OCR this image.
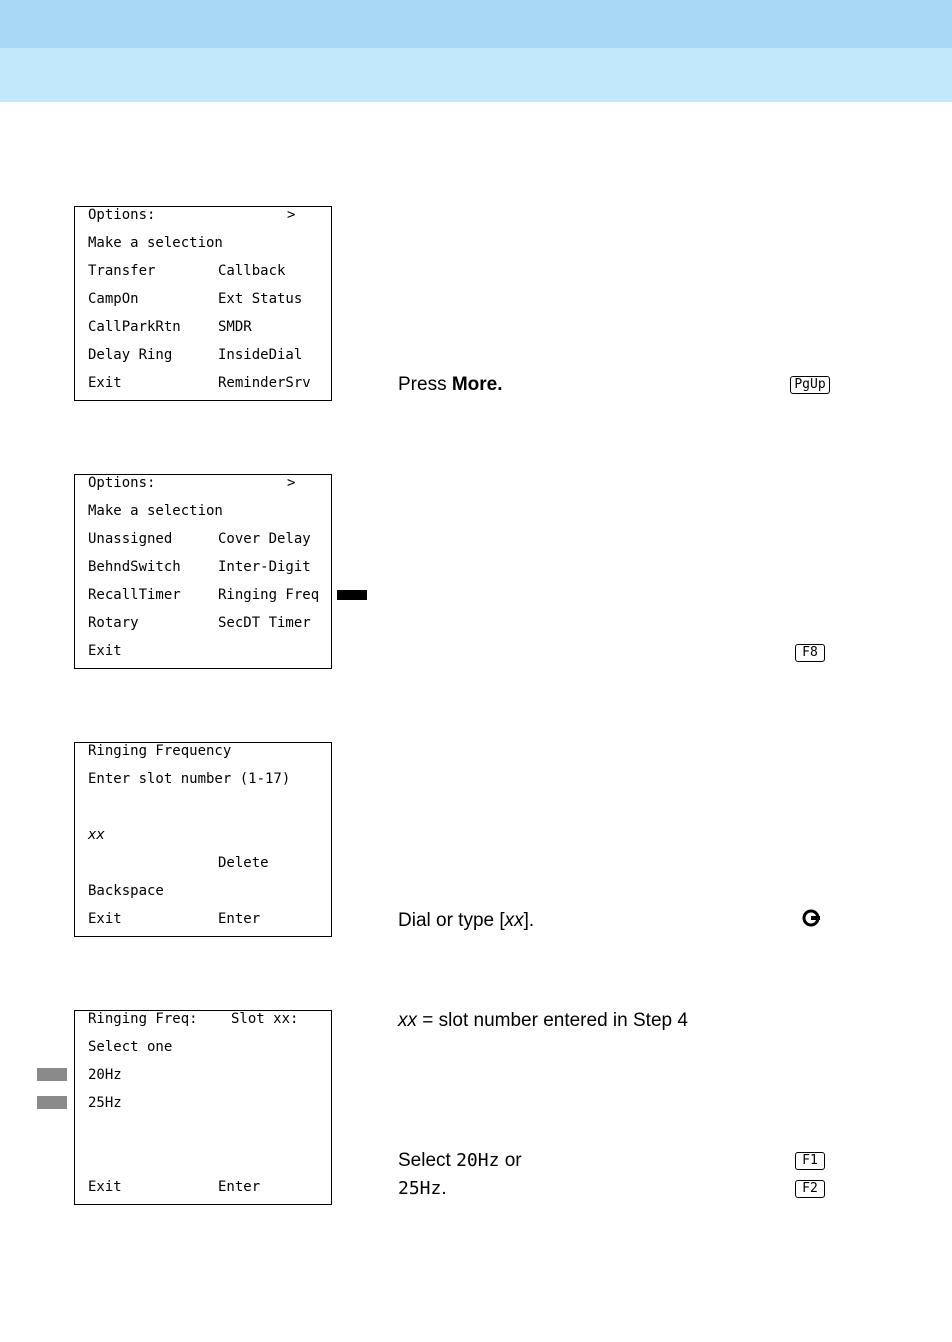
Options:	>
Make a selection
Transfer	Callback
CampOn	Ext Status
CallParkRtn	SMDR
Delay Ring	InsideDial
Exit	ReminderSrv
Options:	>
Make a selection
Unassigned	Cover Delay
BehndSwitch	Inter-Digit
RecallTimer	Ringing Freq
Rotary	SecDT Timer
Exit
Ringing Frequency
Enter slot number (1-17)
xx
Delete
Backspace
Exit	Enter
Ringing Freq: Slot xx:
Select one
20Hz
25Hz
Exit	Enter
Press More.
Dial or type [xx].
xx = slot number entered in Step 4
Select 20Hz or
25Hz.
PgUp
F8
F1
F2
